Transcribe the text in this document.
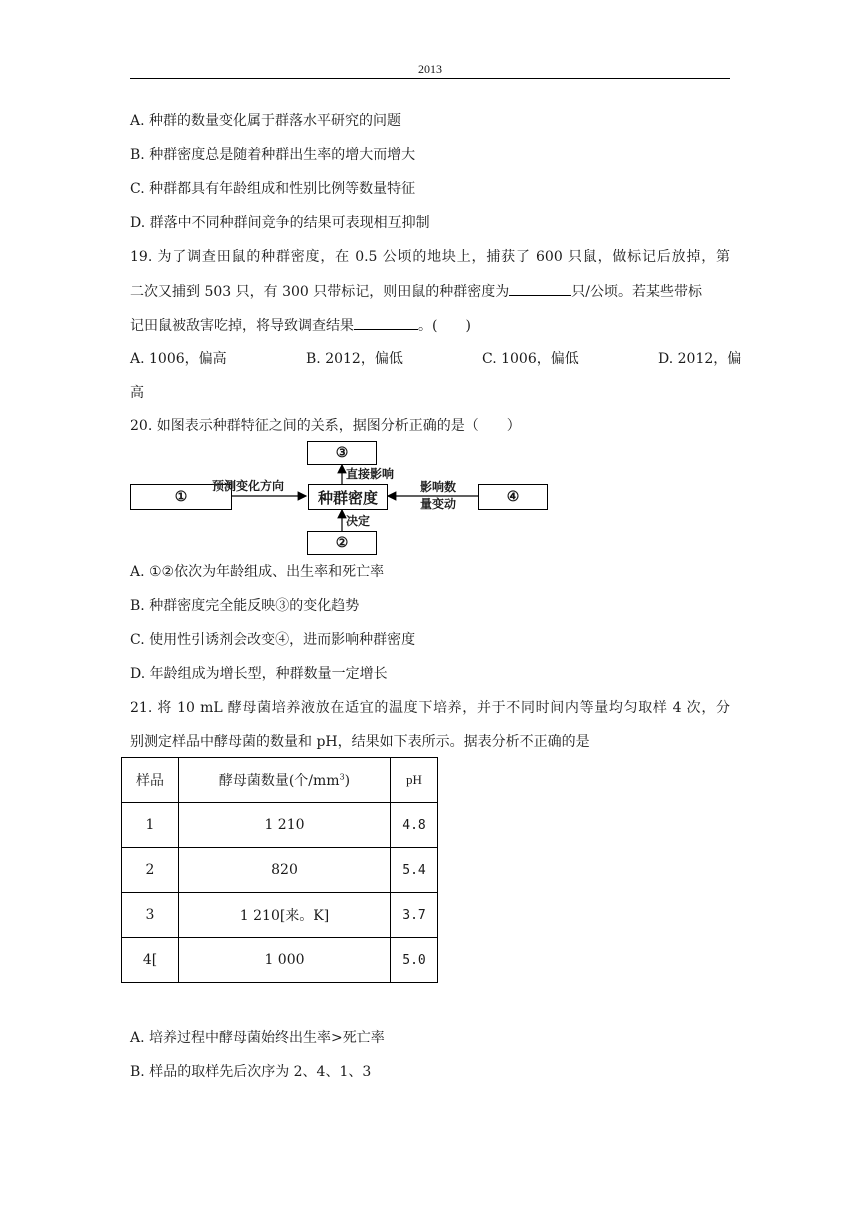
2013
A. 种群的数量变化属于群落水平研究的问题
B. 种群密度总是随着种群出生率的增大而增大
C. 种群都具有年龄组成和性别比例等数量特征
D. 群落中不同种群间竞争的结果可表现相互抑制
19. 为了调查田鼠的种群密度，在 0.5 公顷的地块上，捕获了 600 只鼠，做标记后放掉，第
二次又捕到 503 只，有 300 只带标记，则田鼠的种群密度为	只/公顷。若某些带标
记田鼠被敌害吃掉，将导致调查结果	。(　　)
A. 1006，偏高	B. 2012，偏低	C. 1006，偏低	D. 2012，偏
高
20. 如图表示种群特征之间的关系，据图分析正确的是（　　）
③
①	种群密度	④
②
预测变化方向
直接影响
决定
影响数
量变动
A. ①②依次为年龄组成、出生率和死亡率
B. 种群密度完全能反映③的变化趋势
C. 使用性引诱剂会改变④，进而影响种群密度
D. 年龄组成为增长型，种群数量一定增长
21. 将 10 mL 酵母菌培养液放在适宜的温度下培养，并于不同时间内等量均匀取样 4 次，分
别测定样品中酵母菌的数量和 pH，结果如下表所示。据表分析不正确的是
样品	酵母菌数量(个$/mm^3$)	pH
1	1 210	4.8
2	820	5.4
3	1 210[来。K]	3.7
4[	1 000	5.0
A. 培养过程中酵母菌始终出生率>死亡率
B. 样品的取样先后次序为 2、4、1、3
